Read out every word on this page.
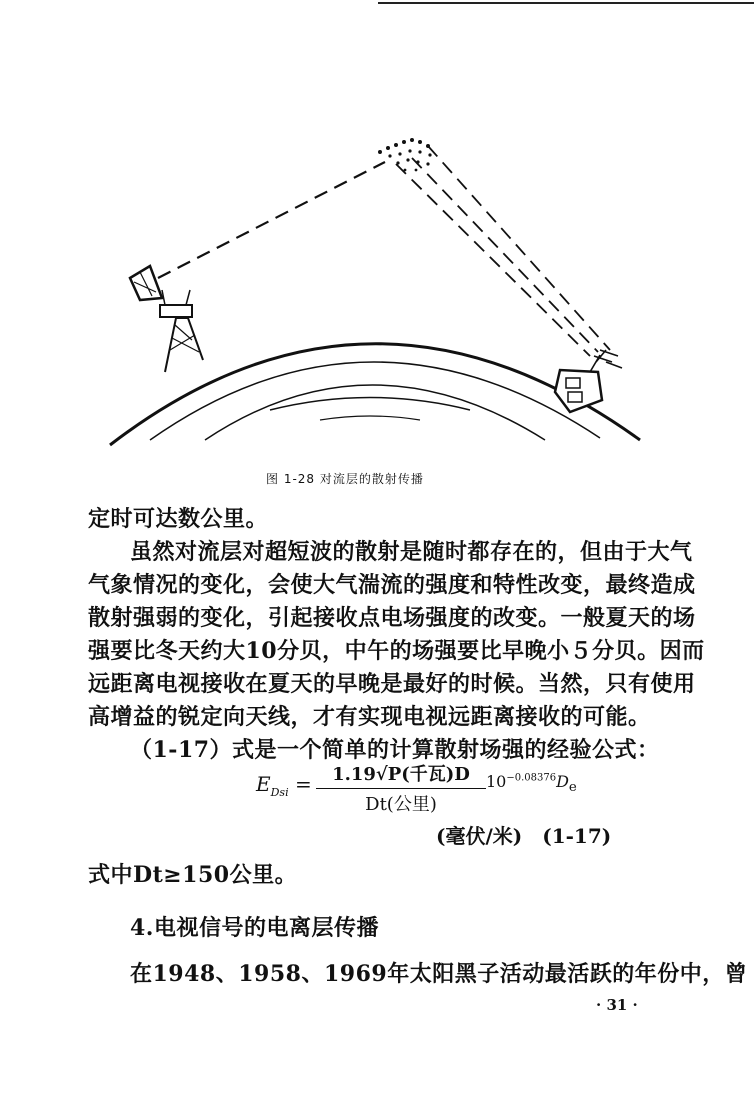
图 1-28 对流层的散射传播
定时可达数公里。
虽然对流层对超短波的散射是随时都存在的，但由于大气
气象情况的变化，会使大气湍流的强度和特性改变，最终造成
散射强弱的变化，引起接收点电场强度的改变。一般夏天的场
强要比冬天约大10分贝，中午的场强要比早晚小５分贝。因而
远距离电视接收在夏天的早晚是最好的时候。当然，只有使用
高增益的锐定向天线，才有实现电视远距离接收的可能。
（1-17）式是一个简单的计算散射场强的经验公式：
$E_{Dsi}$ =	1.19√P(千瓦)D
Dt(公里)
$10^{-0.08376}D_e$
(毫伏/米)　(1-17)
式中Dt≥150公里。
4.电视信号的电离层传播
在1948、1958、1969年太阳黑子活动最活跃的年份中，曾
· 31 ·
